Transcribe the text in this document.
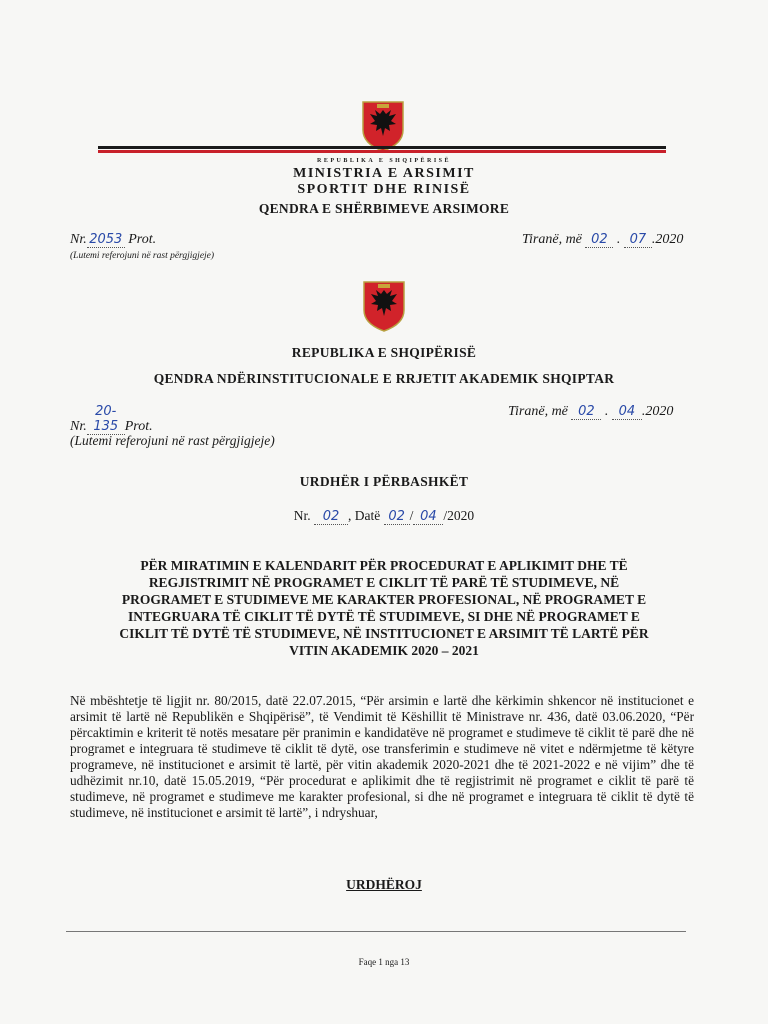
REPUBLIKA E SHQIPËRISË
MINISTRIA E ARSIMIT
SPORTIT DHE RINISË
QENDRA E SHËRBIMEVE ARSIMORE
Nr. 2053 Prot.
(Lutemi referojuni në rast përgjigjeje)
Tiranë, më 02 . 07 .2020
REPUBLIKA E SHQIPËRISË
QENDRA NDËRINSTITUCIONALE E RRJETIT AKADEMIK SHQIPTAR
Nr.20-135 Prot.
(Lutemi referojuni në rast përgjigjeje)
Tiranë, më 02 . 04 .2020
URDHËR I PËRBASHKËT
Nr. 02 , Datë 02 / 04 /2020
PËR MIRATIMIN E KALENDARIT PËR PROCEDURAT E APLIKIMIT DHE TË
REGJISTRIMIT NË PROGRAMET E CIKLIT TË PARË TË STUDIMEVE, NË
PROGRAMET E STUDIMEVE ME KARAKTER PROFESIONAL, NË PROGRAMET E
INTEGRUARA TË CIKLIT TË DYTË TË STUDIMEVE, SI DHE NË PROGRAMET E
CIKLIT TË DYTË TË STUDIMEVE, NË INSTITUCIONET E ARSIMIT TË LARTË PËR
VITIN AKADEMIK 2020 – 2021
Në mbështetje të ligjit nr. 80/2015, datë 22.07.2015, “Për arsimin e lartë dhe kërkimin shkencor në institucionet e arsimit të lartë në Republikën e Shqipërisë”, të Vendimit të Këshillit të Ministrave nr. 436, datë 03.06.2020, “Për përcaktimin e kriterit të notës mesatare për pranimin e kandidatëve në programet e studimeve të ciklit të parë dhe në programet e integruara të studimeve të ciklit të dytë, ose transferimin e studimeve në vitet e ndërmjetme të këtyre programeve, në institucionet e arsimit të lartë, për vitin akademik 2020-2021 dhe të 2021-2022 e në vijim” dhe të udhëzimit nr.10, datë 15.05.2019, “Për procedurat e aplikimit dhe të regjistrimit në programet e ciklit të parë të studimeve, në programet e studimeve me karakter profesional, si dhe në programet e integruara të ciklit të dytë të studimeve, në institucionet e arsimit të lartë”, i ndryshuar,
URDHËROJ
Faqe 1 nga 13
